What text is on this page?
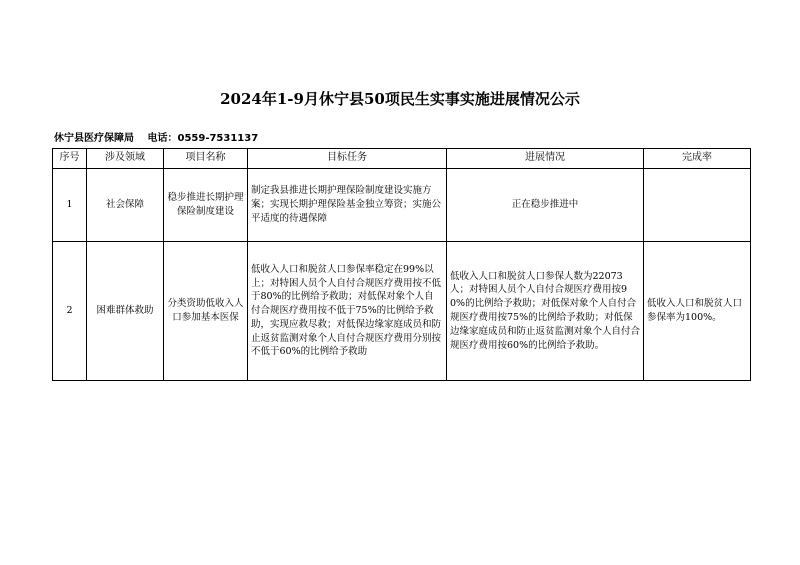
2024年1-9月休宁县50项民生实事实施进展情况公示
休宁县医疗保障局 电话：0559-7531137
序号	涉及领域	项目名称	目标任务	进展情况	完成率
1	社会保障	稳步推进长期护理保险制度建设	制定我县推进长期护理保险制度建设实施方案；实现长期护理保险基金独立筹资；实施公平适度的待遇保障	正在稳步推进中	
2	困难群体救助	分类资助低收入人口参加基本医保	低收入人口和脱贫人口参保率稳定在99%以上；对特困人员个人自付合规医疗费用按不低于80%的比例给予救助；对低保对象个人自付合规医疗费用按不低于75%的比例给予救助，实现应救尽救；对低保边缘家庭成员和防止返贫监测对象个人自付合规医疗费用分别按不低于60%的比例给予救助	低收入人口和脱贫人口参保人数为22073　人；对特困人员个人自付合规医疗费用按90%的比例给予救助；对低保对象个人自付合规医疗费用按75%的比例给予救助；对低保边缘家庭成员和防止返贫监测对象个人自付合规医疗费用按60%的比例给予救助。	低收入人口和脱贫人口参保率为100%。
